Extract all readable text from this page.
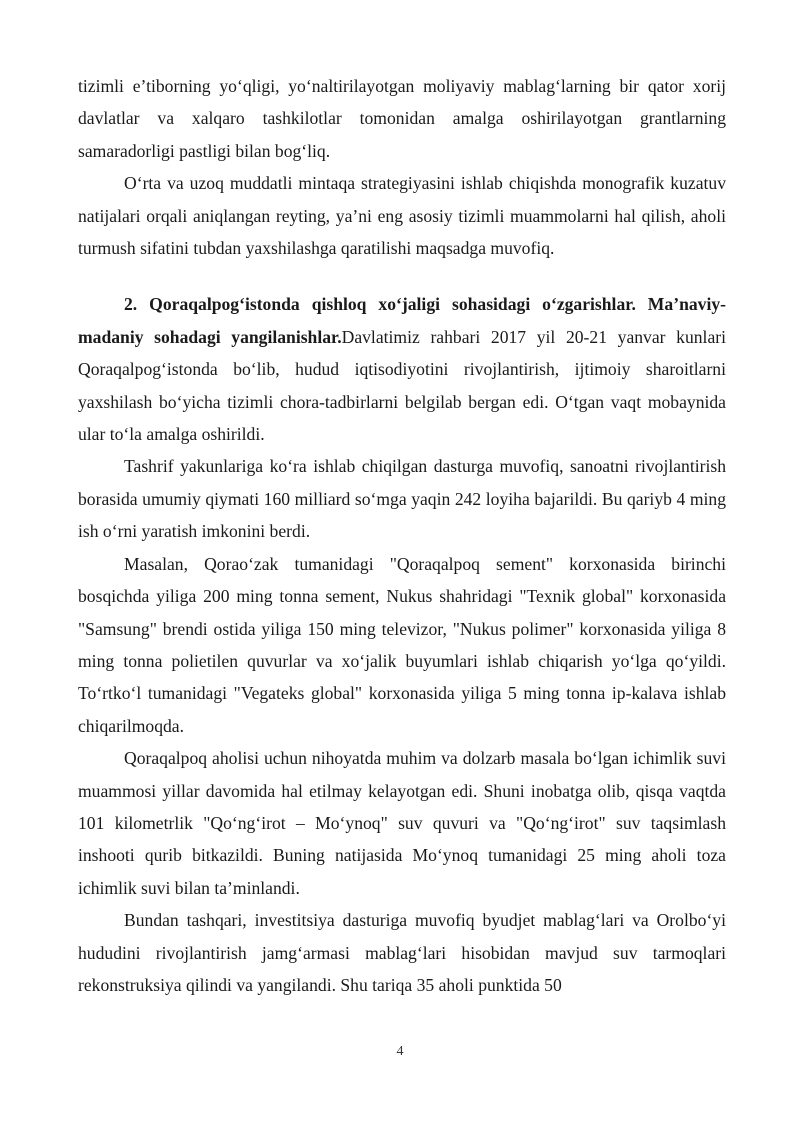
tizimli e’tiborning yo‘qligi, yo‘naltirilayotgan moliyaviy mablag‘larning bir qator xorij davlatlar va xalqaro tashkilotlar tomonidan amalga oshirilayotgan grantlarning samaradorligi pastligi bilan bog‘liq.

O‘rta va uzoq muddatli mintaqa strategiyasini ishlab chiqishda monografik kuzatuv natijalari orqali aniqlangan reyting, ya’ni eng asosiy tizimli muammolarni hal qilish, aholi turmush sifatini tubdan yaxshilashga qaratilishi maqsadga muvofiq.

2. Qoraqalpog‘istonda qishloq xo‘jaligi sohasidagi o‘zgarishlar. Ma’naviy-madaniy sohadagi yangilanishlar.Davlatimiz rahbari 2017 yil 20-21 yanvar kunlari Qoraqalpog‘istonda bo‘lib, hudud iqtisodiyotini rivojlantirish, ijtimoiy sharoitlarni yaxshilash bo‘yicha tizimli chora-tadbirlarni belgilab bergan edi. O‘tgan vaqt mobaynida ular to‘la amalga oshirildi.

Tashrif yakunlariga ko‘ra ishlab chiqilgan dasturga muvofiq, sanoatni rivojlantirish borasida umumiy qiymati 160 milliard so‘mga yaqin 242 loyiha bajarildi. Bu qariyb 4 ming ish o‘rni yaratish imkonini berdi.

Masalan, Qorao‘zak tumanidagi "Qoraqalpoq sement" korxonasida birinchi bosqichda yiliga 200 ming tonna sement, Nukus shahridagi "Texnik global" korxonasida "Samsung" brendi ostida yiliga 150 ming televizor, "Nukus polimer" korxonasida yiliga 8 ming tonna polietilen quvurlar va xo‘jalik buyumlari ishlab chiqarish yo‘lga qo‘yildi. To‘rtko‘l tumanidagi "Vegateks global" korxonasida yiliga 5 ming tonna ip-kalava ishlab chiqarilmoqda.

Qoraqalpoq aholisi uchun nihoyatda muhim va dolzarb masala bo‘lgan ichimlik suvi muammosi yillar davomida hal etilmay kelayotgan edi. Shuni inobatga olib, qisqa vaqtda 101 kilometrlik "Qo‘ng‘irot – Mo‘ynoq" suv quvuri va "Qo‘ng‘irot" suv taqsimlash inshooti qurib bitkazildi. Buning natijasida Mo‘ynoq tumanidagi 25 ming aholi toza ichimlik suvi bilan ta’minlandi.

Bundan tashqari, investitsiya dasturiga muvofiq byudjet mablag‘lari va Orolbo‘yi hududini rivojlantirish jamg‘armasi mablag‘lari hisobidan mavjud suv tarmoqlari rekonstruksiya qilindi va yangilandi. Shu tariqa 35 aholi punktida 50

4
